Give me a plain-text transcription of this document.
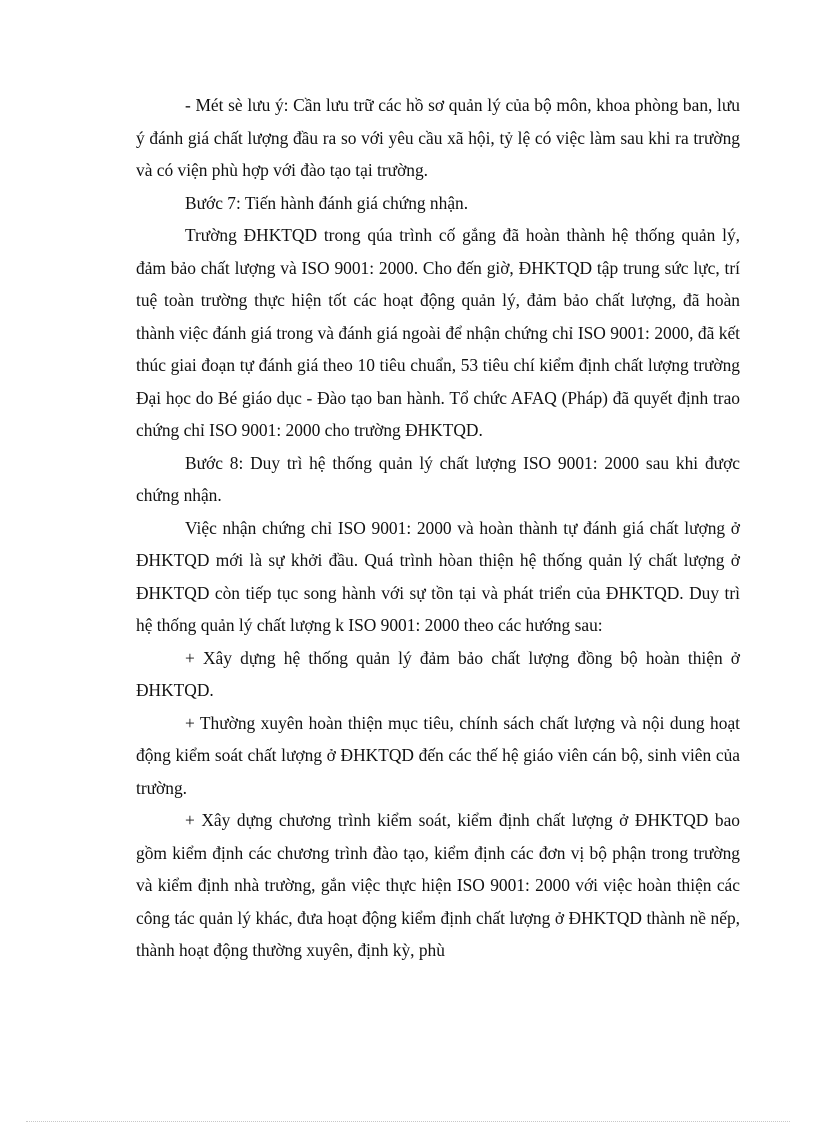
- Mét sè lưu ý: Cần lưu trữ các hồ sơ quản lý của bộ môn, khoa phòng ban, lưu ý đánh giá chất lượng đầu ra so với yêu cầu xã hội, tỷ lệ có việc làm sau khi ra trường và có viện phù hợp với đào tạo tại trường.

Bước 7: Tiến hành đánh giá chứng nhận.

Trường ĐHKTQD trong qúa trình cố gắng đã hoàn thành hệ thống quản lý, đảm bảo chất lượng và ISO 9001: 2000. Cho đến giờ, ĐHKTQD tập trung sức lực, trí tuệ toàn trường thực hiện tốt các hoạt động quản lý, đảm bảo chất lượng, đã hoàn thành việc đánh giá trong và đánh giá ngoài để nhận chứng chỉ ISO 9001: 2000, đã kết thúc giai đoạn tự đánh giá theo 10 tiêu chuẩn, 53 tiêu chí kiểm định chất lượng trường Đại học do Bé giáo dục - Đào tạo ban hành. Tổ chức AFAQ (Pháp) đã quyết định trao chứng chỉ ISO 9001: 2000 cho trường ĐHKTQD.

Bước 8: Duy trì hệ thống quản lý chất lượng ISO 9001: 2000 sau khi được chứng nhận.

Việc nhận chứng chỉ ISO 9001: 2000 và hoàn thành tự đánh giá chất lượng ở ĐHKTQD mới là sự khởi đầu. Quá trình hòan thiện hệ thống quản lý chất lượng ở ĐHKTQD còn tiếp tục song hành với sự tồn tại và phát triển của ĐHKTQD. Duy trì hệ thống quản lý chất lượng k ISO 9001: 2000 theo các hướng sau:

+ Xây dựng hệ thống quản lý đảm bảo chất lượng đồng bộ hoàn thiện ở ĐHKTQD.

+ Thường xuyên hoàn thiện mục tiêu, chính sách chất lượng và nội dung hoạt động kiểm soát chất lượng ở ĐHKTQD đến các thế hệ giáo viên cán bộ, sinh viên của trường.

+ Xây dựng chương trình kiểm soát, kiểm định chất lượng ở ĐHKTQD bao gồm kiểm định các chương trình đào tạo, kiểm định các đơn vị bộ phận trong trường và kiểm định nhà trường, gắn việc thực hiện ISO 9001: 2000 với việc hoàn thiện các công tác quản lý khác, đưa hoạt động kiểm định chất lượng ở ĐHKTQD thành nề nếp, thành hoạt động thường xuyên, định kỳ, phù
